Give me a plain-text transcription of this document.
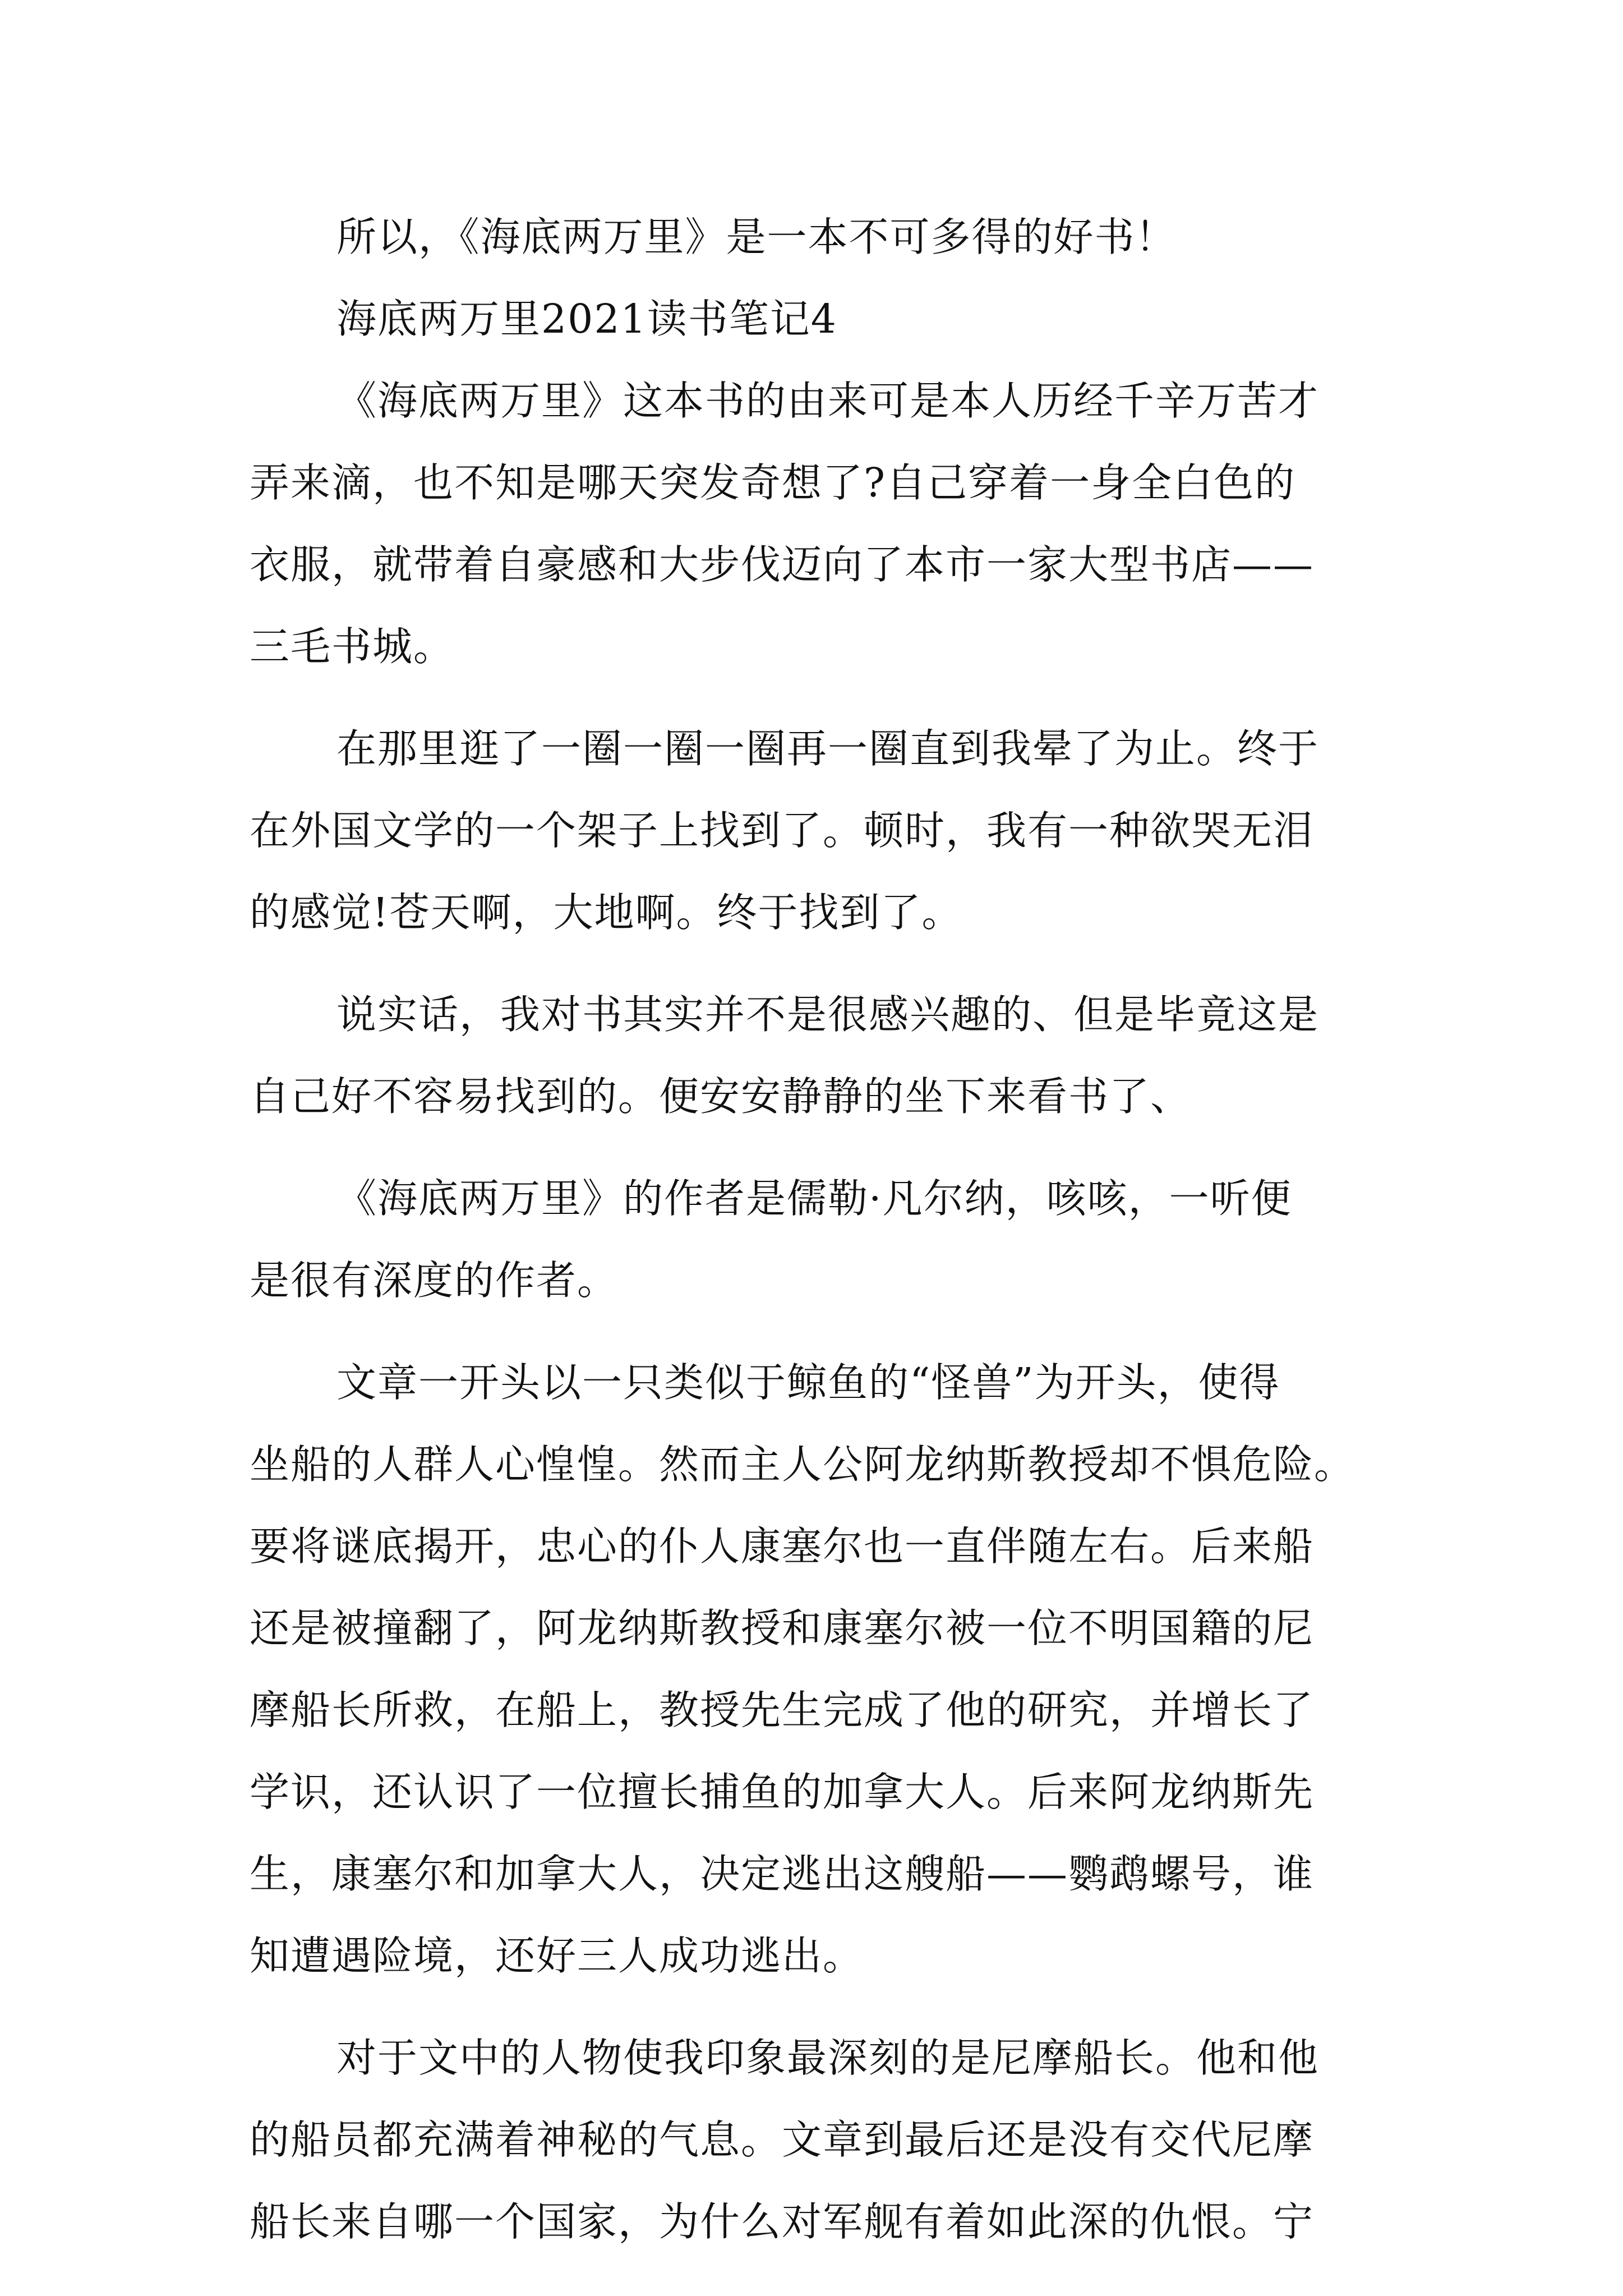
所以，《海底两万里》是一本不可多得的好书！
海底两万里2021读书笔记4
《海底两万里》这本书的由来可是本人历经千辛万苦才
弄来滴，也不知是哪天突发奇想了?自己穿着一身全白色的
衣服，就带着自豪感和大步伐迈向了本市一家大型书店——
三毛书城。
在那里逛了一圈一圈一圈再一圈直到我晕了为止。终于
在外国文学的一个架子上找到了。顿时，我有一种欲哭无泪
的感觉!苍天啊，大地啊。终于找到了。
说实话，我对书其实并不是很感兴趣的、但是毕竟这是
自己好不容易找到的。便安安静静的坐下来看书了、
《海底两万里》的作者是儒勒·凡尔纳，咳咳，一听便
是很有深度的作者。
文章一开头以一只类似于鲸鱼的“怪兽”为开头，使得
坐船的人群人心惶惶。然而主人公阿龙纳斯教授却不惧危险。
要将谜底揭开，忠心的仆人康塞尔也一直伴随左右。后来船
还是被撞翻了，阿龙纳斯教授和康塞尔被一位不明国籍的尼
摩船长所救，在船上，教授先生完成了他的研究，并增长了
学识，还认识了一位擅长捕鱼的加拿大人。后来阿龙纳斯先
生，康塞尔和加拿大人，决定逃出这艘船——鹦鹉螺号，谁
知遭遇险境，还好三人成功逃出。
对于文中的人物使我印象最深刻的是尼摩船长。他和他
的船员都充满着神秘的气息。文章到最后还是没有交代尼摩
船长来自哪一个国家，为什么对军舰有着如此深的仇恨。宁
